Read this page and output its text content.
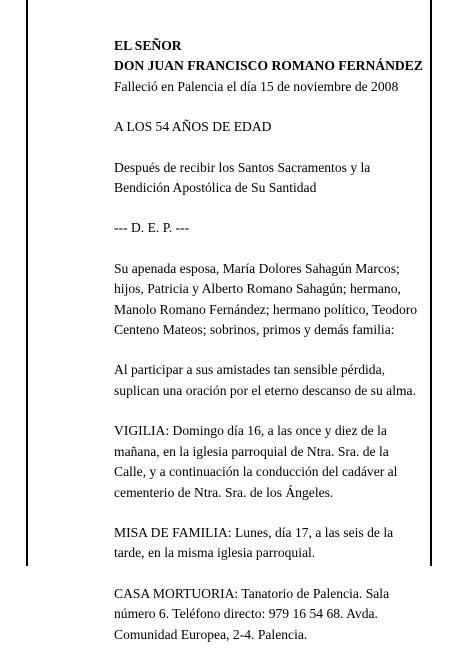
EL SEÑOR
DON JUAN FRANCISCO ROMANO FERNÁNDEZ
Falleció en Palencia el día 15 de noviembre de 2008

A LOS 54 AÑOS DE EDAD

Después de recibir los Santos Sacramentos y la
Bendición Apostólica de Su Santidad

--- D. E. P. ---

Su apenada esposa, María Dolores Sahagún Marcos;
hijos, Patricia y Alberto Romano Sahagún; hermano,
Manolo Romano Fernández; hermano político, Teodoro
Centeno Mateos; sobrinos, primos y demás familia:

Al participar a sus amistades tan sensible pérdida,
suplican una oración por el eterno descanso de su alma.

VIGILIA: Domingo día 16, a las once y diez de la
mañana, en la iglesia parroquial de Ntra. Sra. de la
Calle, y a continuación la conducción del cadáver al
cementerio de Ntra. Sra. de los Ángeles.

MISA DE FAMILIA: Lunes, día 17, a las seis de la
tarde, en la misma iglesia parroquial.

CASA MORTUORIA: Tanatorio de Palencia. Sala
número 6. Teléfono directo: 979 16 54 68. Avda.
Comunidad Europea, 2-4. Palencia.
